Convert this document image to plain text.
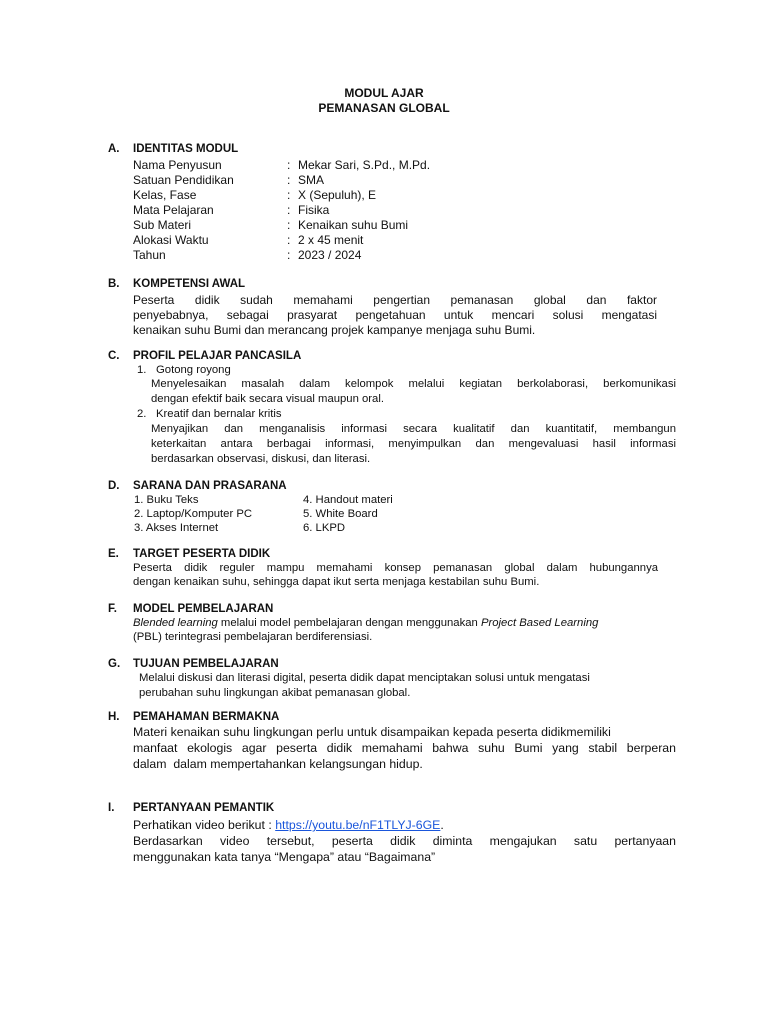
MODUL AJAR
PEMANASAN GLOBAL
A. IDENTITAS MODUL
Nama Penyusun	: Mekar Sari, S.Pd., M.Pd.
Satuan Pendidikan	: SMA
Kelas, Fase	: X (Sepuluh), E
Mata Pelajaran	: Fisika
Sub Materi	: Kenaikan suhu Bumi
Alokasi Waktu	: 2 x 45 menit
Tahun	: 2023 / 2024
B. KOMPETENSI AWAL
Peserta didik sudah memahami pengertian pemanasan global dan faktor
penyebabnya, sebagai prasyarat pengetahuan untuk mencari solusi mengatasi
kenaikan suhu Bumi dan merancang projek kampanye menjaga suhu Bumi.
C. PROFIL PELAJAR PANCASILA
1. Gotong royong
Menyelesaikan masalah dalam kelompok melalui kegiatan berkolaborasi, berkomunikasi
dengan efektif baik secara visual maupun oral.
2. Kreatif dan bernalar kritis
Menyajikan dan menganalisis informasi secara kualitatif dan kuantitatif, membangun
keterkaitan antara berbagai informasi, menyimpulkan dan mengevaluasi hasil informasi
berdasarkan observasi, diskusi, dan literasi.
D. SARANA DAN PRASARANA
1. Buku Teks
2. Laptop/Komputer PC
3. Akses Internet
4. Handout materi
5. White Board
6. LKPD
E. TARGET PESERTA DIDIK
Peserta didik reguler mampu memahami konsep pemanasan global dalam hubungannya
dengan kenaikan suhu, sehingga dapat ikut serta menjaga kestabilan suhu Bumi.
F. MODEL PEMBELAJARAN
Blended learning melalui model pembelajaran dengan menggunakan Project Based Learning
(PBL) terintegrasi pembelajaran berdiferensiasi.
G. TUJUAN PEMBELAJARAN
Melalui diskusi dan literasi digital, peserta didik dapat menciptakan solusi untuk mengatasi
perubahan suhu lingkungan akibat pemanasan global.
H. PEMAHAMAN BERMAKNA
Materi kenaikan suhu lingkungan perlu untuk disampaikan kepada peserta didikmemiliki
manfaat ekologis agar peserta didik memahami bahwa suhu Bumi yang stabil berperan
dalam  dalam mempertahankan kelangsungan hidup.
I. PERTANYAAN PEMANTIK
Perhatikan video berikut : https://youtu.be/nF1TLYJ-6GE.
Berdasarkan video tersebut, peserta didik diminta mengajukan satu pertanyaan
menggunakan kata tanya “Mengapa” atau “Bagaimana”
